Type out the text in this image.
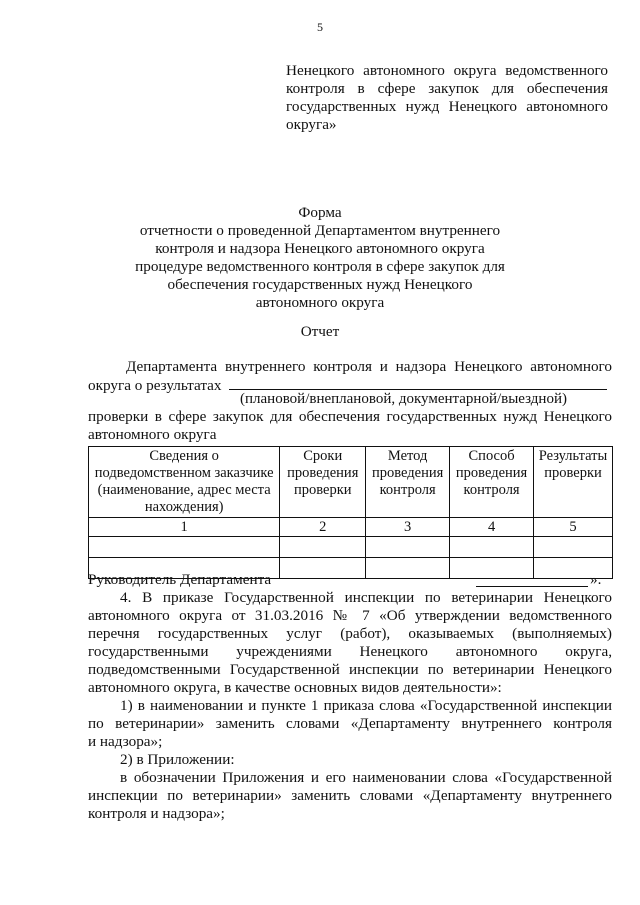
5
Ненецкого автономного округа ведомственного
контроля в сфере закупок для обеспечения
государственных нужд Ненецкого автономного
округа»
Форма
отчетности о проведенной Департаментом внутреннего
контроля и надзора Ненецкого автономного округа
процедуре ведомственного контроля в сфере закупок для
обеспечения государственных нужд Ненецкого
автономного округа
Отчет
Департамента внутреннего контроля и надзора Ненецкого автономного
округа о результатах
(плановой/внеплановой, документарной/выездной)
проверки в сфере закупок для обеспечения государственных нужд Ненецкого
автономного округа
Сведения о подведомственном заказчике (наименование, адрес места нахождения)	Сроки проведения проверки	Метод проведения контроля	Способ проведения контроля	Результаты проверки
1	2	3	4	5

Руководитель Департамента	».
4. В приказе Государственной инспекции по ветеринарии Ненецкого
автономного округа от 31.03.2016 № 7 «Об утверждении ведомственного
перечня государственных услуг (работ), оказываемых (выполняемых)
государственными учреждениями Ненецкого автономного округа,
подведомственными Государственной инспекции по ветеринарии Ненецкого
автономного округа, в качестве основных видов деятельности»:
1) в наименовании и пункте 1 приказа слова «Государственной инспекции
по ветеринарии» заменить словами «Департаменту внутреннего контроля
и надзора»;
2) в Приложении:
в обозначении Приложения и его наименовании слова «Государственной
инспекции по ветеринарии» заменить словами «Департаменту внутреннего
контроля и надзора»;
